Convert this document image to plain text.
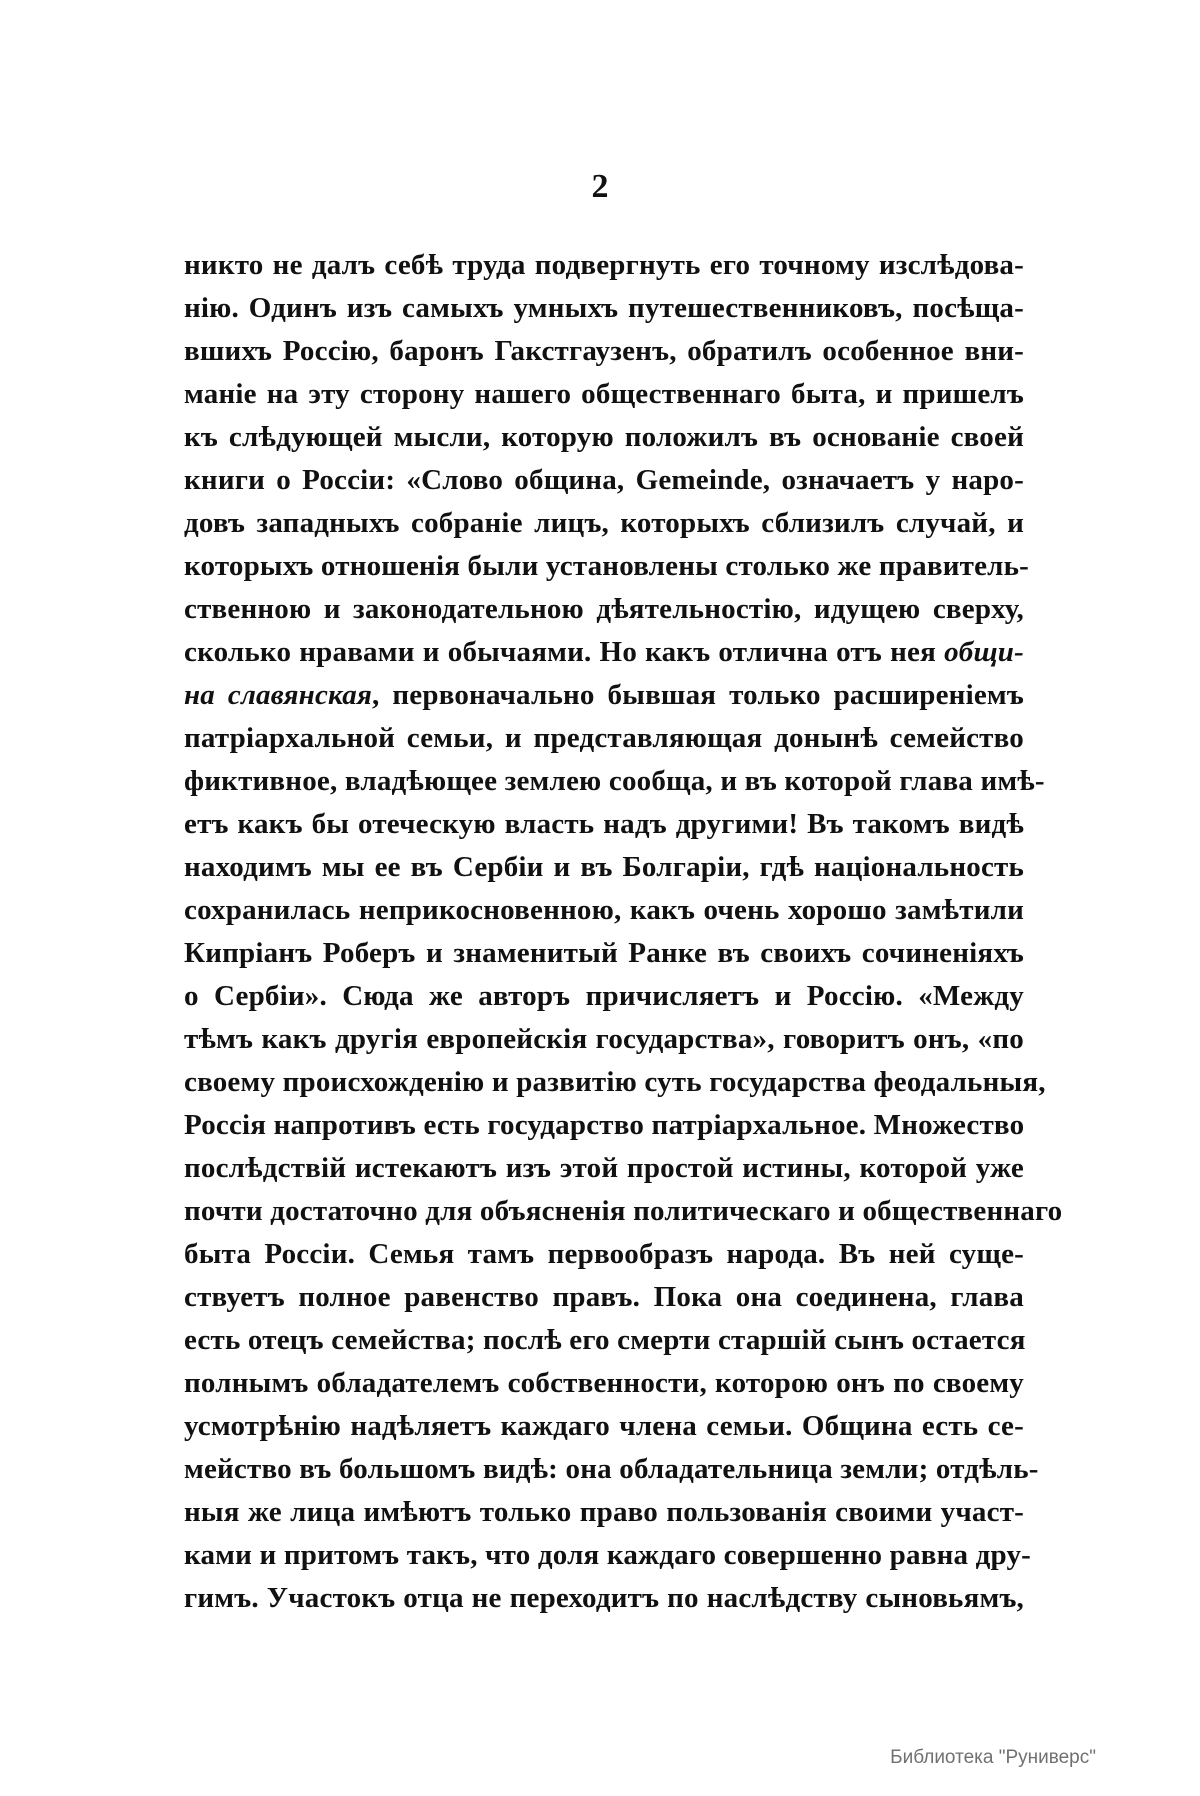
2
никто не далъ себѣ труда подвергнуть его точному изслѣдова-
нію. Одинъ изъ самыхъ умныхъ путешественниковъ, посѣща-
вшихъ Россію, баронъ Гакстгаузенъ, обратилъ особенное вни-
маніе на эту сторону нашего общественнаго быта, и пришелъ
къ слѣдующей мысли, которую положилъ въ основаніе своей
книги о Россіи: «Слово община, Gemeinde, означаетъ у наро-
довъ западныхъ собраніе лицъ, которыхъ сблизилъ случай, и
которыхъ отношенія были установлены столько же правитель-
ственною и законодательною дѣятельностію, идущею сверху,
сколько нравами и обычаями. Но какъ отлична отъ нея общи-
на славянская, первоначально бывшая только расширеніемъ
патріархальной семьи, и представляющая донынѣ семейство
фиктивное, владѣющее землею сообща, и въ которой глава имѣ-
етъ какъ бы отеческую власть надъ другими! Въ такомъ видѣ
находимъ мы ее въ Сербіи и въ Болгаріи, гдѣ національность
сохранилась неприкосновенною, какъ очень хорошо замѣтили
Кипріанъ Роберъ и знаменитый Ранке въ своихъ сочиненіяхъ
о Сербіи». Сюда же авторъ причисляетъ и Россію. «Между
тѣмъ какъ другія европейскія государства», говоритъ онъ, «по
своему происхожденію и развитію суть государства феодальныя,
Россія напротивъ есть государство патріархальное. Множество
послѣдствій истекаютъ изъ этой простой истины, которой уже
почти достаточно для объясненія политическаго и общественнаго
быта Россіи. Семья тамъ первообразъ народа. Въ ней суще-
ствуетъ полное равенство правъ. Пока она соединена, глава
есть отецъ семейства; послѣ его смерти старшій сынъ остается
полнымъ обладателемъ собственности, которою онъ по своему
усмотрѣнію надѣляетъ каждаго члена семьи. Община есть се-
мейство въ большомъ видѣ: она обладательница земли; отдѣль-
ныя же лица имѣютъ только право пользованія своими участ-
ками и притомъ такъ, что доля каждаго совершенно равна дру-
гимъ. Участокъ отца не переходитъ по наслѣдству сыновьямъ,
Библиотека "Руниверс"
